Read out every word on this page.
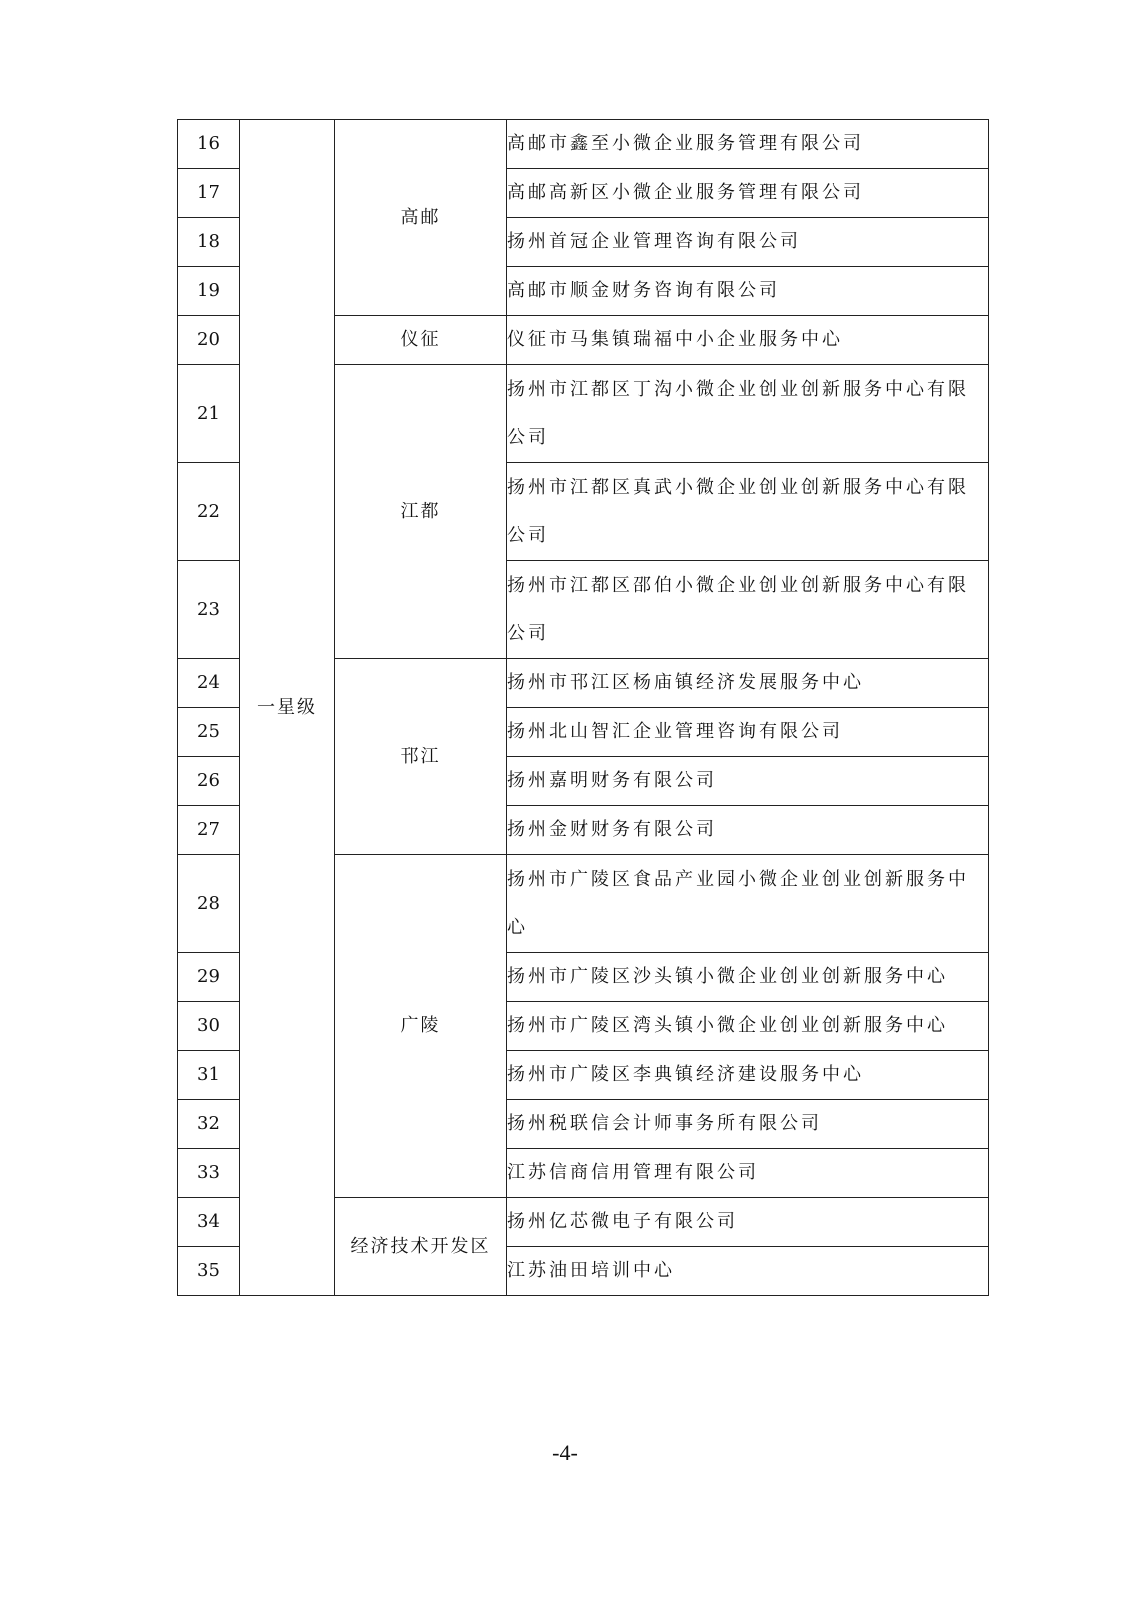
16	一星级	高邮	高邮市鑫至小微企业服务管理有限公司
17			高邮高新区小微企业服务管理有限公司
18			扬州首冠企业管理咨询有限公司
19			高邮市顺金财务咨询有限公司
20		仪征	仪征市马集镇瑞福中小企业服务中心
21		江都	扬州市江都区丁沟小微企业创业创新服务中心有限公司
22			扬州市江都区真武小微企业创业创新服务中心有限公司
23			扬州市江都区邵伯小微企业创业创新服务中心有限公司
24		邗江	扬州市邗江区杨庙镇经济发展服务中心
25			扬州北山智汇企业管理咨询有限公司
26			扬州嘉明财务有限公司
27			扬州金财财务有限公司
28		广陵	扬州市广陵区食品产业园小微企业创业创新服务中心
29			扬州市广陵区沙头镇小微企业创业创新服务中心
30			扬州市广陵区湾头镇小微企业创业创新服务中心
31			扬州市广陵区李典镇经济建设服务中心
32			扬州税联信会计师事务所有限公司
33			江苏信商信用管理有限公司
34		经济技术开发区	扬州亿芯微电子有限公司
35			江苏油田培训中心
-4-
